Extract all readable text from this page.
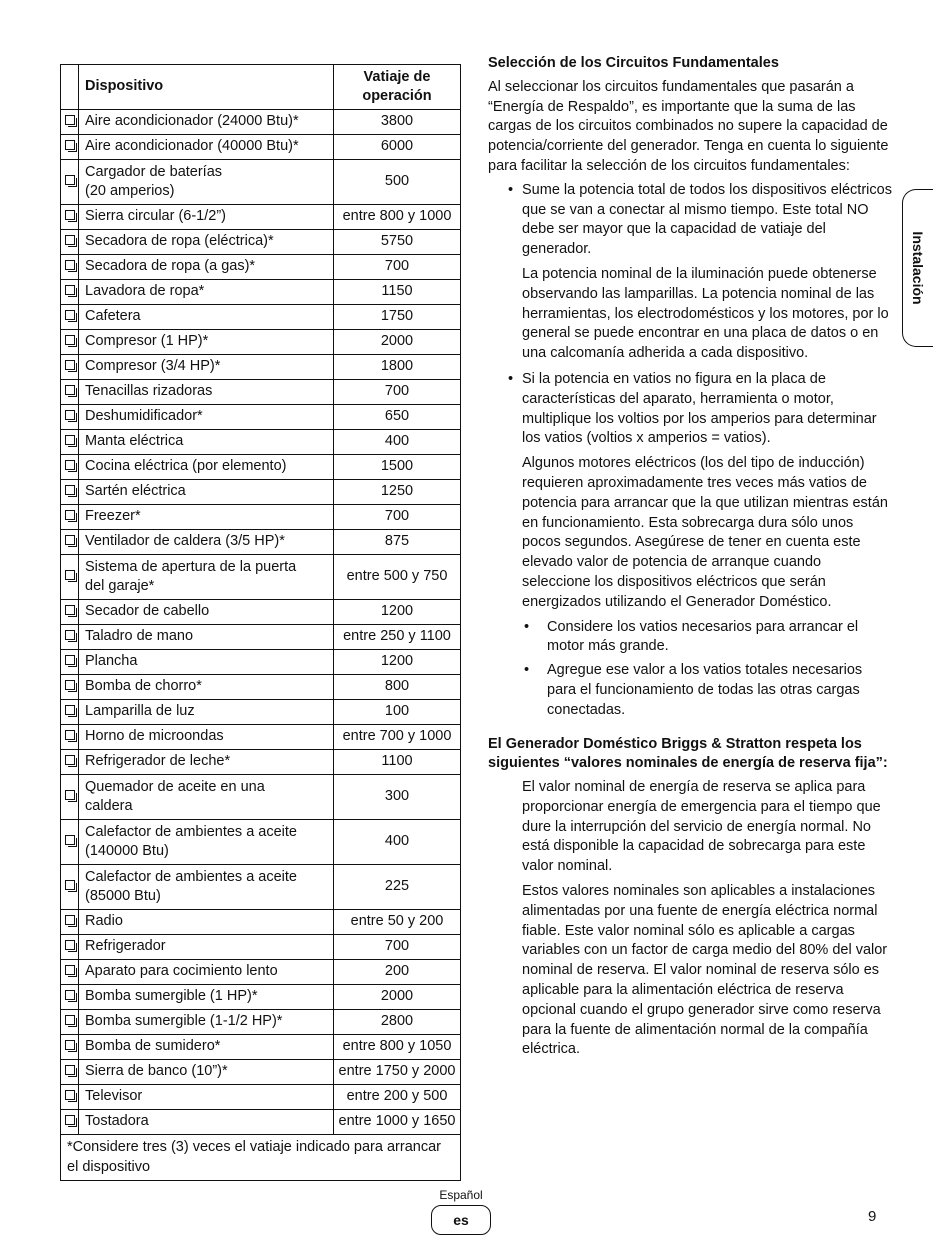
	Dispositivo	Vatiaje de
operación
	Aire acondicionador (24000 Btu)*	3800
	Aire acondicionador (40000 Btu)*	6000
	Cargador de baterías
(20 amperios)	500
	Sierra circular (6-1/2”)	entre 800 y 1000
	Secadora de ropa (eléctrica)*	5750
	Secadora de ropa (a gas)*	700
	Lavadora de ropa*	1150
	Cafetera	1750
	Compresor (1 HP)*	2000
	Compresor (3/4 HP)*	1800
	Tenacillas rizadoras	700
	Deshumidificador*	650
	Manta eléctrica	400
	Cocina eléctrica (por elemento)	1500
	Sartén eléctrica	1250
	Freezer*	700
	Ventilador de caldera (3/5 HP)*	875
	Sistema de apertura de la puerta
del garaje*	entre 500 y 750
	Secador de cabello	1200
	Taladro de mano	entre 250 y 1100
	Plancha	1200
	Bomba de chorro*	800
	Lamparilla de luz	100
	Horno de microondas	entre 700 y 1000
	Refrigerador de leche*	1100
	Quemador de aceite en una
caldera	300
	Calefactor de ambientes a aceite
(140000 Btu)	400
	Calefactor de ambientes a aceite
(85000 Btu)	225
	Radio	entre 50 y 200
	Refrigerador	700
	Aparato para cocimiento lento	200
	Bomba sumergible (1 HP)*	2000
	Bomba sumergible (1-1/2 HP)*	2800
	Bomba de sumidero*	entre 800 y 1050
	Sierra de banco (10”)*	entre 1750 y 2000
	Televisor	entre 200 y 500
	Tostadora	entre 1000 y 1650
*Considere tres (3) veces el vatiaje indicado para arrancar el dispositivo		
Selección de los Circuitos Fundamentales

Al seleccionar los circuitos fundamentales que pasarán a “Energía de Respaldo”, es importante que la suma de las cargas de los circuitos combinados no supere la capacidad de potencia/corriente del generador. Tenga en cuenta lo siguiente para facilitar la selección de los circuitos fundamentales:

• Sume la potencia total de todos los dispositivos eléctricos que se van a conectar al mismo tiempo. Este total NO debe ser mayor que la capacidad de vatiaje del generador.

La potencia nominal de la iluminación puede obtenerse observando las lamparillas. La potencia nominal de las herramientas, los electrodomésticos y los motores, por lo general se puede encontrar en una placa de datos o en una calcomanía adherida a cada dispositivo.

• Si la potencia en vatios no figura en la placa de características del aparato, herramienta o motor, multiplique los voltios por los amperios para determinar los vatios (voltios x amperios = vatios).

Algunos motores eléctricos (los del tipo de inducción) requieren aproximadamente tres veces más vatios de potencia para arrancar que la que utilizan mientras están en funcionamiento. Esta sobrecarga dura sólo unos pocos segundos. Asegúrese de tener en cuenta este elevado valor de potencia de arranque cuando seleccione los dispositivos eléctricos que serán energizados utilizando el Generador Doméstico.

• Considere los vatios necesarios para arrancar el motor más grande.
• Agregue ese valor a los vatios totales necesarios para el funcionamiento de todas las otras cargas conectadas.
El Generador Doméstico Briggs & Stratton respeta los siguientes “valores nominales de energía de reserva fija”:

El valor nominal de energía de reserva se aplica para proporcionar energía de emergencia para el tiempo que dure la interrupción del servicio de energía normal. No está disponible la capacidad de sobrecarga para este valor nominal.

Estos valores nominales son aplicables a instalaciones alimentadas por una fuente de energía eléctrica normal fiable. Este valor nominal sólo es aplicable a cargas variables con un factor de carga medio del 80% del valor nominal de reserva. El valor nominal de reserva sólo es aplicable para la alimentación eléctrica de reserva opcional cuando el grupo generador sirve como reserva para la fuente de alimentación normal de la compañía eléctrica.

Instalación
Español
es	9
